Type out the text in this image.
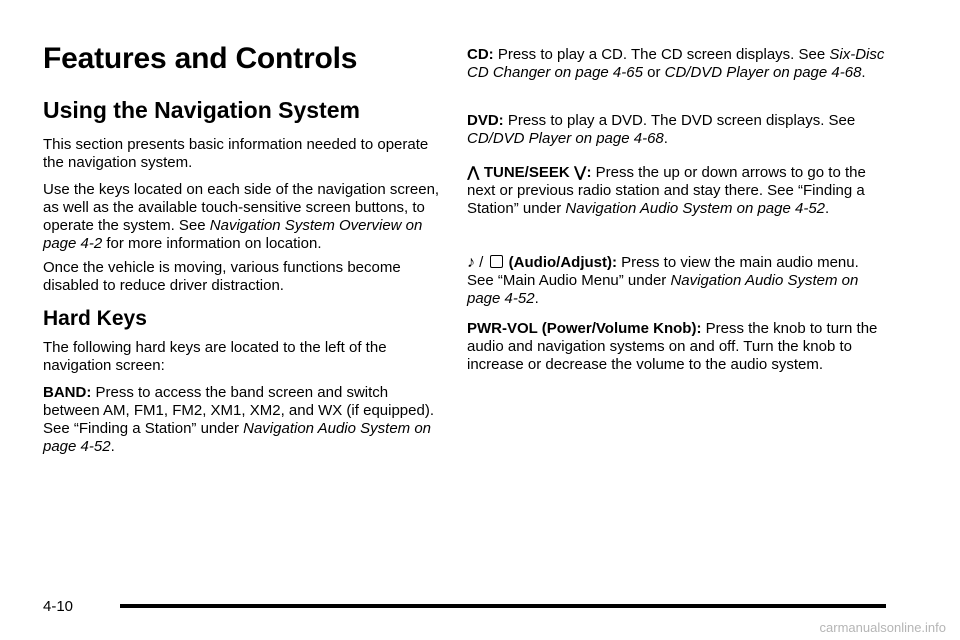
Features and Controls
Using the Navigation System

This section presents basic information needed to operate the navigation system.

Use the keys located on each side of the navigation screen, as well as the available touch-sensitive screen buttons, to operate the system. See Navigation System Overview on page 4-2 for more information on location.

Once the vehicle is moving, various functions become disabled to reduce driver distraction.

Hard Keys

The following hard keys are located to the left of the navigation screen:

BAND: Press to access the band screen and switch between AM, FM1, FM2, XM1, XM2, and WX (if equipped). See “Finding a Station” under Navigation Audio System on page 4-52.

CD: Press to play a CD. The CD screen displays. See Six-Disc CD Changer on page 4-65 or CD/DVD Player on page 4-68.

DVD: Press to play a DVD. The DVD screen displays. See CD/DVD Player on page 4-68.

⋀ TUNE/SEEK ⋁: Press the up or down arrows to go to the next or previous radio station and stay there. See “Finding a Station” under Navigation Audio System on page 4-52.

♪ /  (Audio/Adjust): Press to view the main audio menu. See “Main Audio Menu” under Navigation Audio System on page 4-52.

PWR-VOL (Power/Volume Knob): Press the knob to turn the audio and navigation systems on and off. Turn the knob to increase or decrease the volume to the audio system.

4-10
carmanualsonline.info
